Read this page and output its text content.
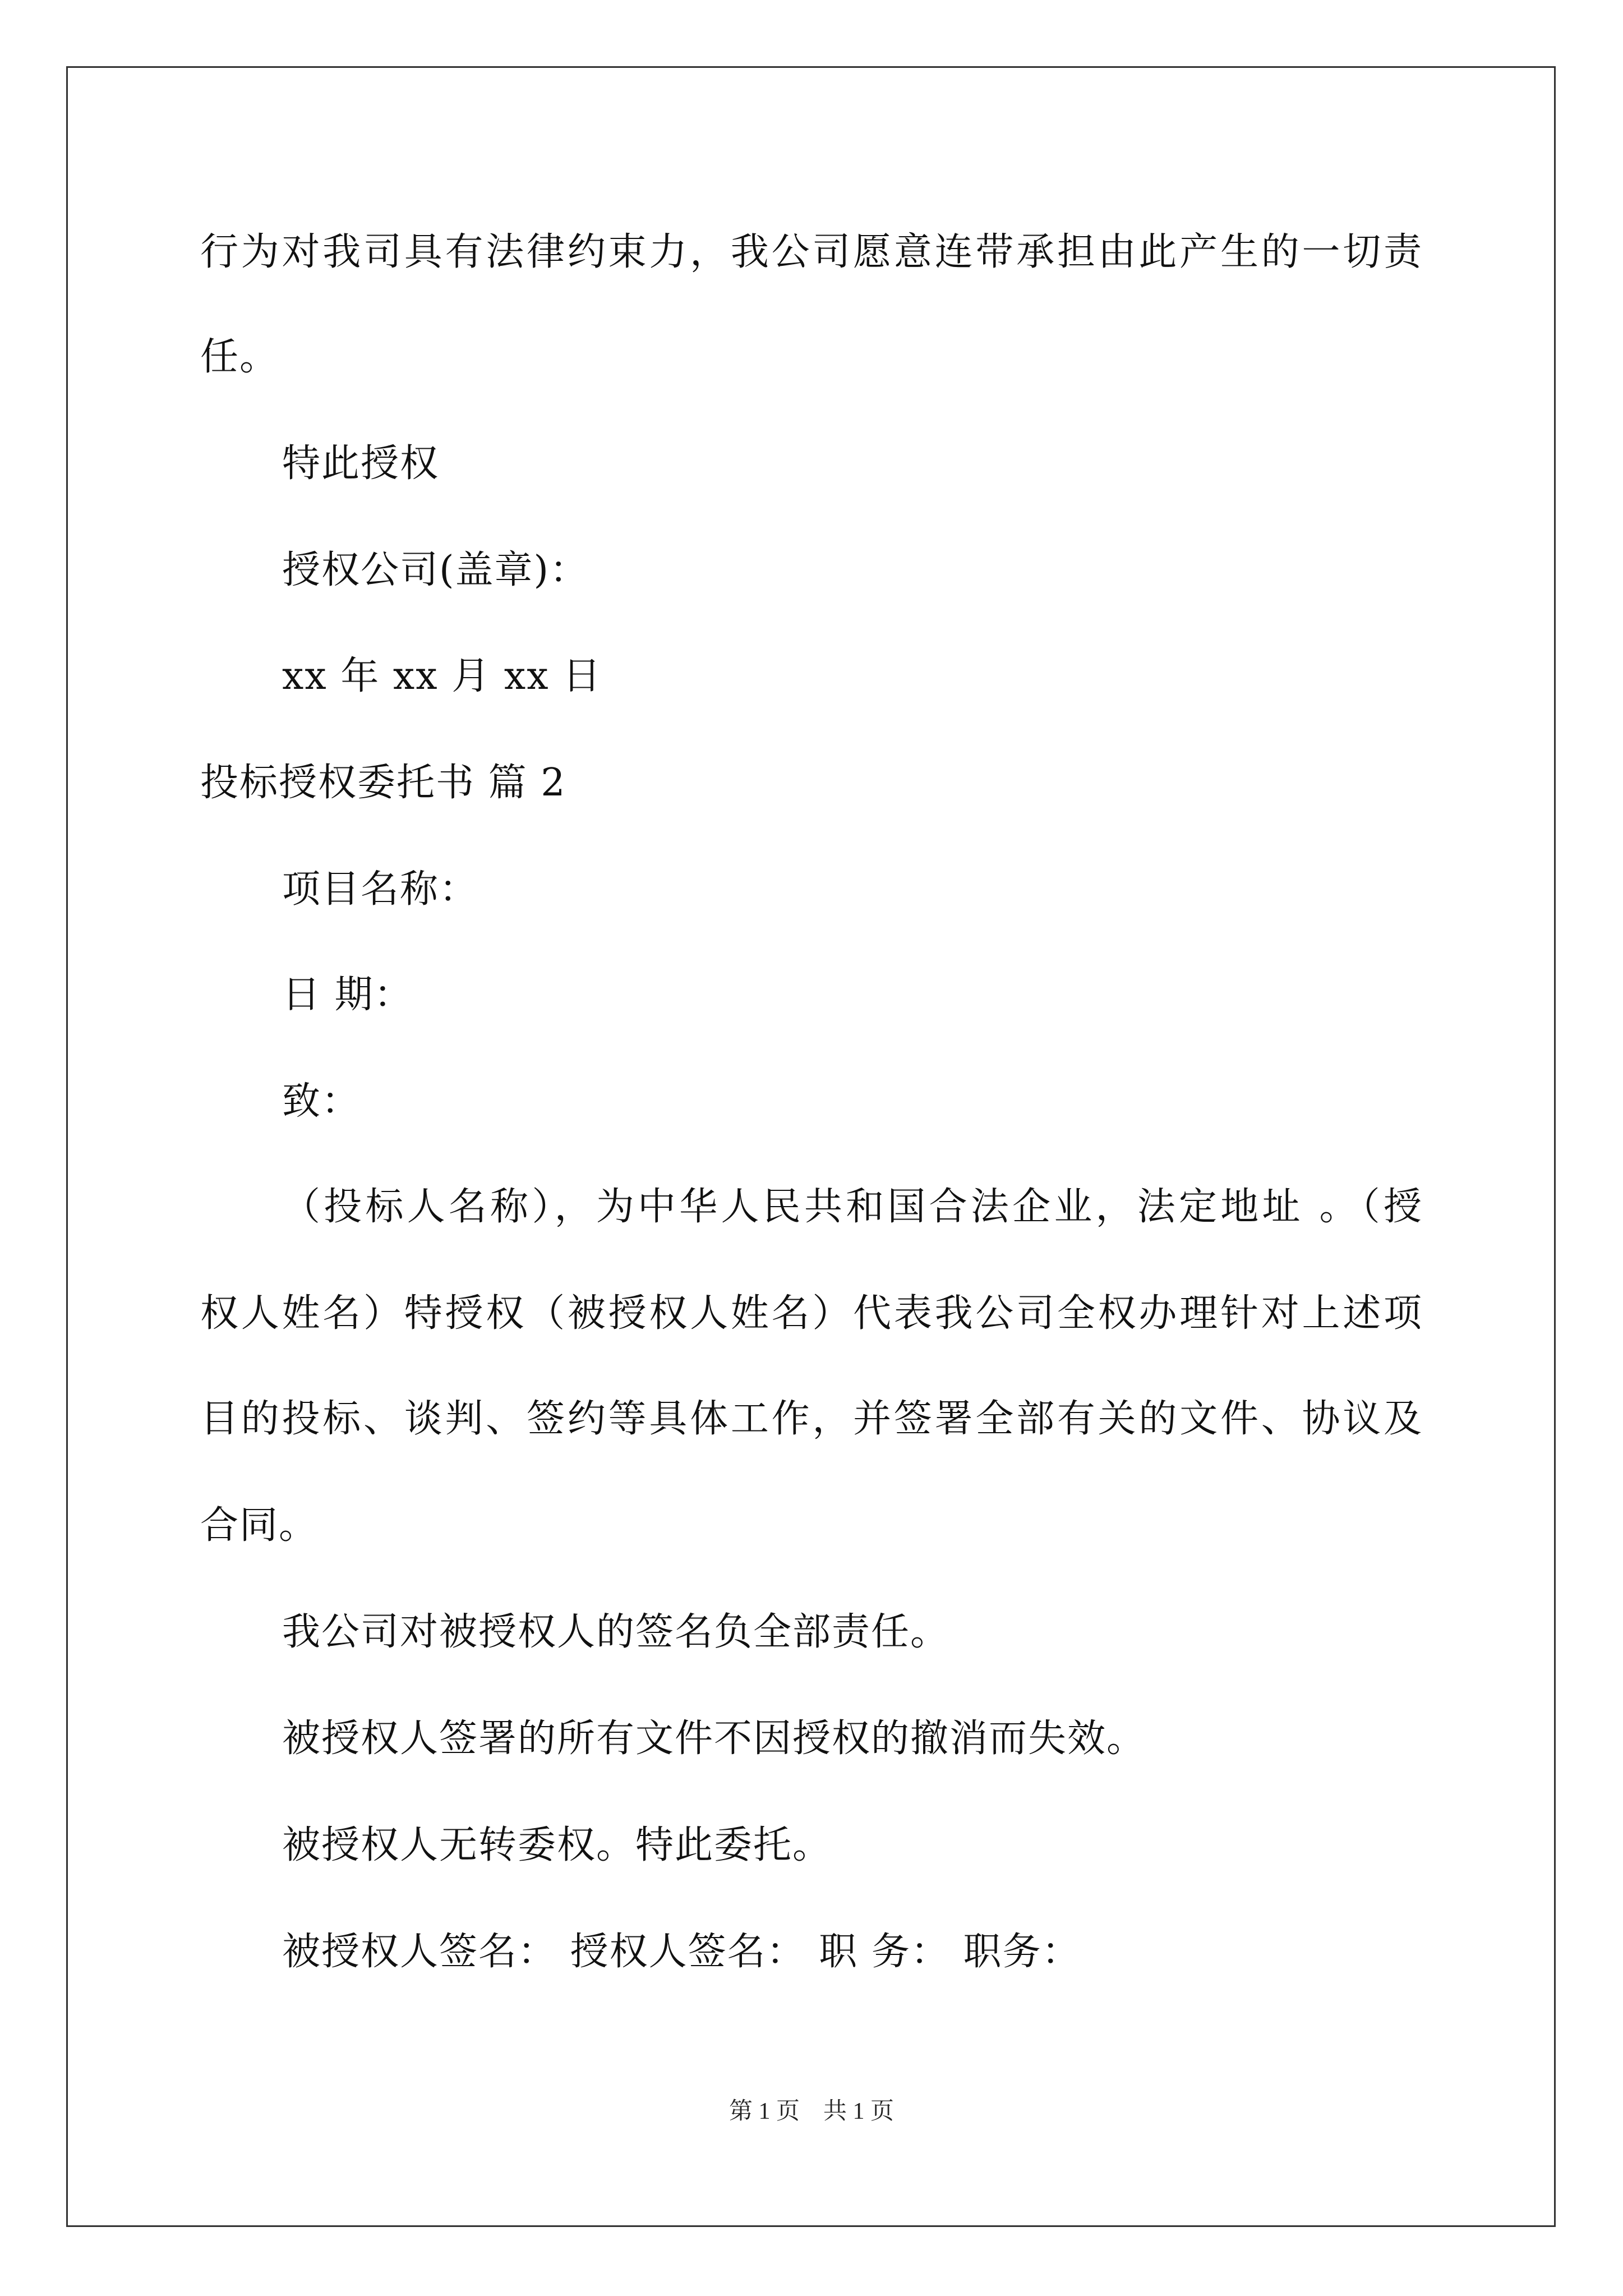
行为对我司具有法律约束力，我公司愿意连带承担由此产生的一切责
任。
特此授权
授权公司(盖章)：
xx 年 xx 月 xx 日
投标授权委托书 篇 2
项目名称：
日 期：
致：
（投标人名称），为中华人民共和国合法企业，法定地址 。（授
权人姓名）特授权（被授权人姓名）代表我公司全权办理针对上述项
目的投标、谈判、签约等具体工作，并签署全部有关的文件、协议及
合同。
我公司对被授权人的签名负全部责任。
被授权人签署的所有文件不因授权的撤消而失效。
被授权人无转委权。特此委托。
被授权人签名： 授权人签名： 职 务： 职务：
第 1 页 共 1 页
